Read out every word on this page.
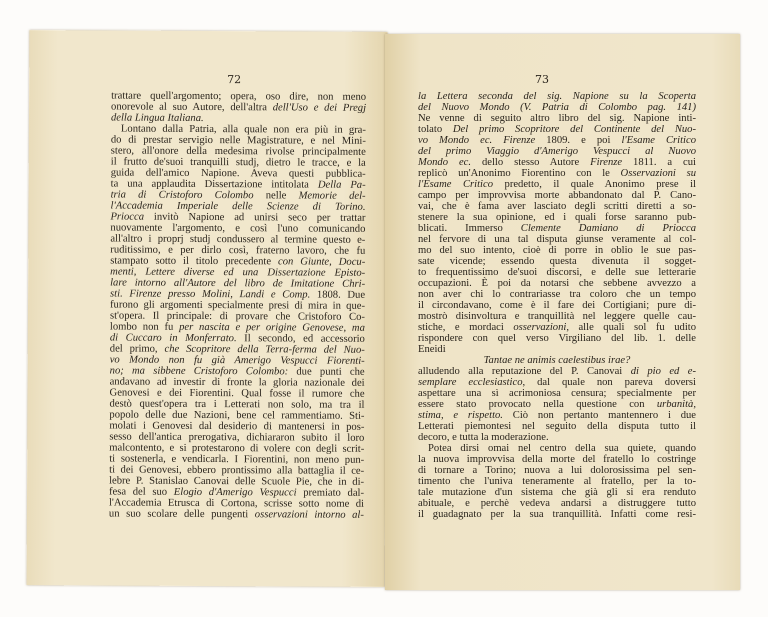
72
trattare quell'argomento; opera, oso dire, non meno
onorevole al suo Autore, dell'altra dell'Uso e dei Pregj
della Lingua Italiana.
Lontano dalla Patria, alla quale non era più in gra-
do di prestar servigio nelle Magistrature, e nel Mini-
stero, all'onore della medesima rivolse principalmente
il frutto de'suoi tranquilli studj, dietro le tracce, e la
guida dell'amico Napione. Aveva questi pubblica-
ta una applaudita Dissertazione intitolata Della Pa-
tria di Cristoforo Colombo nelle Memorie del-
l'Accademia Imperiale delle Scienze di Torino.
Priocca invitò Napione ad unirsi seco per trattar
nuovamente l'argomento, e così l'uno comunicando
all'altro i proprj studj condussero al termine questo e-
ruditissimo, e per dirlo così, fraterno lavoro, che fu
stampato sotto il titolo precedente con Giunte, Docu-
menti, Lettere diverse ed una Dissertazione Episto-
lare intorno all'Autore del libro de Imitatione Chri-
sti. Firenze presso Molini, Landi e Comp. 1808. Due
furono gli argomenti specialmente presi di mira in que-
st'opera. Il principale: di provare che Cristoforo Co-
lombo non fu per nascita e per origine Genovese, ma
di Cuccaro in Monferrato. Il secondo, ed accessorio
del primo, che Scopritore della Terra-ferma del Nuo-
vo Mondo non fu già Amerigo Vespucci Fiorenti-
no; ma sibbene Cristoforo Colombo: due punti che
andavano ad investir di fronte la gloria nazionale dei
Genovesi e dei Fiorentini. Qual fosse il rumore che
destò quest'opera tra i Letterati non solo, ma tra il
popolo delle due Nazioni, bene cel rammentiamo. Sti-
molati i Genovesi dal desiderio di mantenersi in pos-
sesso dell'antica prerogativa, dichiararon subito il loro
malcontento, e si protestarono di volere con degli scrit-
ti sostenerla, e vendicarla. I Fiorentini, non meno pun-
ti dei Genovesi, ebbero prontissimo alla battaglia il ce-
lebre P. Stanislao Canovai delle Scuole Pie, che in di-
fesa del suo Elogio d'Amerigo Vespucci premiato dal-
l'Accademia Etrusca di Cortona, scrisse sotto nome di
un suo scolare delle pungenti osservazioni intorno al-
73
la Lettera seconda del sig. Napione su la Scoperta
del Nuovo Mondo (V. Patria di Colombo pag. 141)
Ne venne di seguito altro libro del sig. Napione inti-
tolato Del primo Scopritore del Continente del Nuo-
vo Mondo ec. Firenze 1809. e poi l'Esame Critico
del primo Viaggio d'Amerigo Vespucci al Nuovo
Mondo ec. dello stesso Autore Firenze 1811. a cui
replicò un'Anonimo Fiorentino con le Osservazioni su
l'Esame Critico predetto, il quale Anonimo prese il
campo per improvvisa morte abbandonato dal P. Cano-
vai, che è fama aver lasciato degli scritti diretti a so-
stenere la sua opinione, ed i quali forse saranno pub-
blicati. Immerso Clemente Damiano di Priocca
nel fervore di una tal disputa giunse veramente al col-
mo del suo intento, cioè di porre in oblio le sue pas-
sate vicende; essendo questa divenuta il sogget-
to frequentissimo de'suoi discorsi, e delle sue letterarie
occupazioni. È poi da notarsi che sebbene avvezzo a
non aver chi lo contrariasse tra coloro che un tempo
il circondavano, come è il fare dei Cortigiani; pure di-
mostrò disinvoltura e tranquillità nel leggere quelle cau-
stiche, e mordaci osservazioni, alle quali sol fu udito
rispondere con quel verso Virgiliano del lib. 1. delle
Eneidi
Tantae ne animis caelestibus irae?
alludendo alla reputazione del P. Canovai di pio ed e-
semplare ecclesiastico, dal quale non pareva doversi
aspettare una sì acrimoniosa censura; specialmente per
essere stato provocato nella questione con urbanità,
stima, e rispetto. Ciò non pertanto mantennero i due
Letterati piemontesi nel seguito della disputa tutto il
decoro, e tutta la moderazione.
Potea dirsi omai nel centro della sua quiete, quando
la nuova improvvisa della morte del fratello lo costringe
di tornare a Torino; nuova a lui dolorosissima pel sen-
timento che l'univa teneramente al fratello, per la to-
tale mutazione d'un sistema che già gli si era renduto
abituale, e perchè vedeva andarsi a distruggere tutto
il guadagnato per la sua tranquillità. Infatti come resi-
